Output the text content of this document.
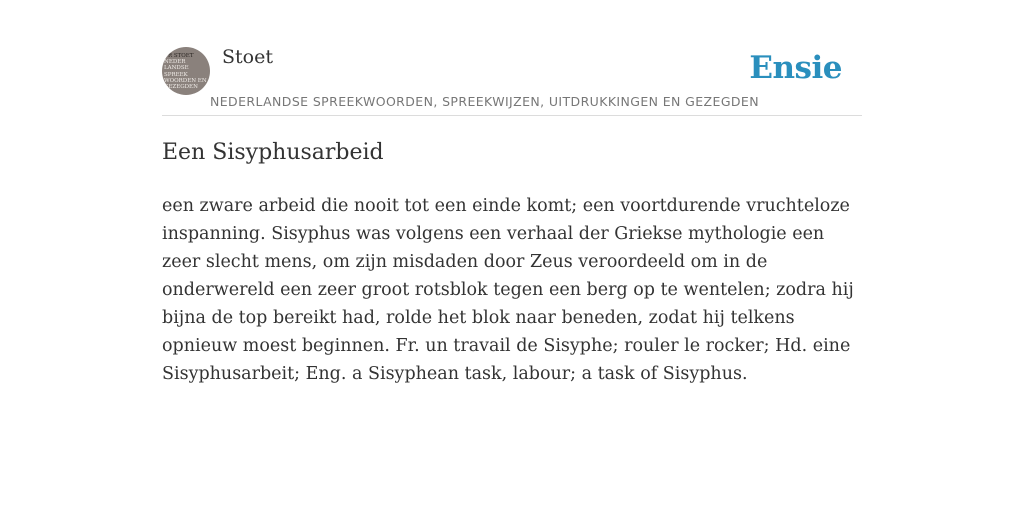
VR STOET
NEDER
LANDSE
SPREEK
WOORDEN EN
GEZEGDEN
Stoet	Ensie
NEDERLANDSE SPREEKWOORDEN, SPREEKWIJZEN, UITDRUKKINGEN EN GEZEGDEN
Een Sisyphusarbeid

een zware arbeid die nooit tot een einde komt; een voortdurende vruchteloze inspanning. Sisyphus was volgens een verhaal der Griekse mythologie een zeer slecht mens, om zijn misdaden door Zeus veroordeeld om in de onderwereld een zeer groot rotsblok tegen een berg op te wentelen; zodra hij bijna de top bereikt had, rolde het blok naar beneden, zodat hij telkens opnieuw moest beginnen. Fr. un travail de Sisyphe; rouler le rocker; Hd. eine Sisyphusarbeit; Eng. a Sisyphean task, labour; a task of Sisyphus.
